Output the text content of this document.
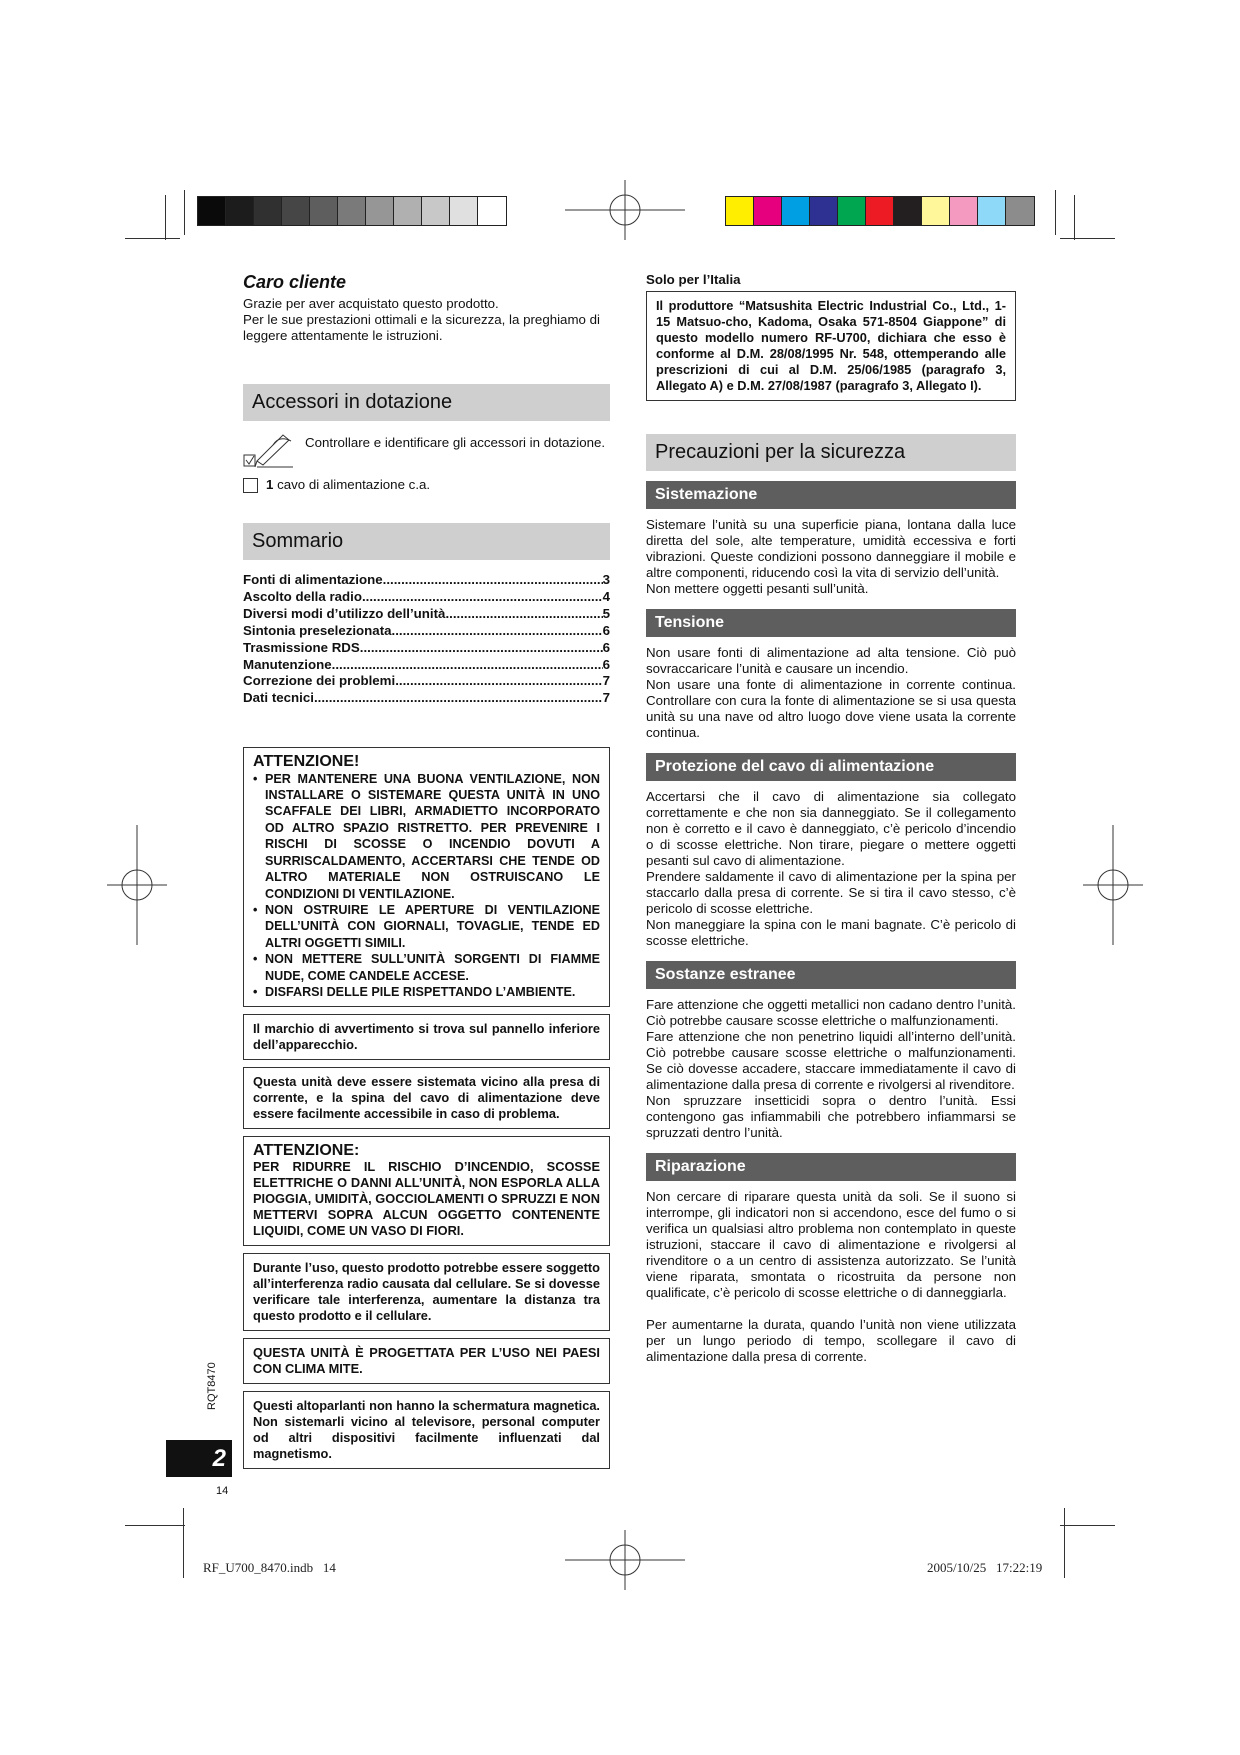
Caro cliente

Grazie per aver acquistato questo prodotto.

Per le sue prestazioni ottimali e la sicurezza, la preghiamo di leggere attentamente le istruzioni.

Accessori in dotazione

Controllare e identificare gli accessori in dotazione.

1 cavo di alimentazione c.a.
Sommario
Fonti di alimentazione .....	3
Ascolto della radio .....	4
Diversi modi d’utilizzo dell’unità .....	5
Sintonia preselezionata .....	6
Trasmissione RDS .....	6
Manutenzione .....	6
Correzione dei problemi .....	7
Dati tecnici .....	7

ATTENZIONE!

• PER MANTENERE UNA BUONA VENTILAZIONE, NON INSTALLARE O SISTEMARE QUESTA UNITÀ IN UNO SCAFFALE DEI LIBRI, ARMADIETTO INCORPORATO OD ALTRO SPAZIO RISTRETTO. PER PREVENIRE I RISCHI DI SCOSSE O INCENDIO DOVUTI A SURRISCALDAMENTO, ACCERTARSI CHE TENDE OD ALTRO MATERIALE NON OSTRUISCANO LE CONDIZIONI DI VENTILAZIONE.
• NON OSTRUIRE LE APERTURE DI VENTILAZIONE DELL’UNITÀ CON GIORNALI, TOVAGLIE, TENDE ED ALTRI OGGETTI SIMILI.
• NON METTERE SULL’UNITÀ SORGENTI DI FIAMME NUDE, COME CANDELE ACCESE.
• DISFARSI DELLE PILE RISPETTANDO L’AMBIENTE.
Il marchio di avvertimento si trova sul pannello inferiore dell’apparecchio.
Questa unità deve essere sistemata vicino alla presa di corrente, e la spina del cavo di alimentazione deve essere facilmente accessibile in caso di problema.

ATTENZIONE:

PER RIDURRE IL RISCHIO D’INCENDIO, SCOSSE ELETTRICHE O DANNI ALL’UNITÀ, NON ESPORLA ALLA PIOGGIA, UMIDITÀ, GOCCIOLAMENTI O SPRUZZI E NON METTERVI SOPRA ALCUN OGGETTO CONTENENTE LIQUIDI, COME UN VASO DI FIORI.
Durante l’uso, questo prodotto potrebbe essere soggetto all’interferenza radio causata dal cellulare. Se si dovesse verificare tale interferenza, aumentare la distanza tra questo prodotto e il cellulare.
QUESTA UNITÀ È PROGETTATA PER L’USO NEI PAESI CON CLIMA MITE.
Questi altoparlanti non hanno la schermatura magnetica. Non sistemarli vicino al televisore, personal computer od altri dispositivi facilmente influenzati dal magnetismo.

Solo per l’Italia

Il produttore “Matsushita Electric Industrial Co., Ltd., 1-15 Matsuo-cho, Kadoma, Osaka 571-8504 Giappone” di questo modello numero RF-U700, dichiara che esso è conforme al D.M. 28/08/1995 Nr. 548, ottemperando alle prescrizioni di cui al D.M. 25/06/1985 (paragrafo 3, Allegato A) e D.M. 27/08/1987 (paragrafo 3, Allegato I).
Precauzioni per la sicurezza
Sistemazione

Sistemare l’unità su una superficie piana, lontana dalla luce diretta del sole, alte temperature, umidità eccessiva e forti vibrazioni. Queste condizioni possono danneggiare il mobile e altre componenti, riducendo così la vita di servizio dell’unità.

Non mettere oggetti pesanti sull’unità.

Tensione

Non usare fonti di alimentazione ad alta tensione. Ciò può sovraccaricare l’unità e causare un incendio.

Non usare una fonte di alimentazione in corrente continua. Controllare con cura la fonte di alimentazione se si usa questa unità su una nave od altro luogo dove viene usata la corrente continua.

Protezione del cavo di alimentazione

Accertarsi che il cavo di alimentazione sia collegato correttamente e che non sia danneggiato. Se il collegamento non è corretto e il cavo è danneggiato, c’è pericolo d’incendio o di scosse elettriche. Non tirare, piegare o mettere oggetti pesanti sul cavo di alimentazione.

Prendere saldamente il cavo di alimentazione per la spina per staccarlo dalla presa di corrente. Se si tira il cavo stesso, c’è pericolo di scosse elettriche.

Non maneggiare la spina con le mani bagnate. C’è pericolo di scosse elettriche.

Sostanze estranee

Fare attenzione che oggetti metallici non cadano dentro l’unità. Ciò potrebbe causare scosse elettriche o malfunzionamenti.

Fare attenzione che non penetrino liquidi all’interno dell’unità. Ciò potrebbe causare scosse elettriche o malfunzionamenti. Se ciò dovesse accadere, staccare immediatamente il cavo di alimentazione dalla presa di corrente e rivolgersi al rivenditore.

Non spruzzare insetticidi sopra o dentro l’unità. Essi contengono gas infiammabili che potrebbero infiammarsi se spruzzati dentro l’unità.

Riparazione

Non cercare di riparare questa unità da soli. Se il suono si interrompe, gli indicatori non si accendono, esce del fumo o si verifica un qualsiasi altro problema non contemplato in queste istruzioni, staccare il cavo di alimentazione e rivolgersi al rivenditore o a un centro di assistenza autorizzato. Se l’unità viene riparata, smontata o ricostruita da persone non qualificate, c’è pericolo di scosse elettriche o di danneggiarla.

Per aumentarne la durata, quando l’unità non viene utilizzata per un lungo periodo di tempo, scollegare il cavo di alimentazione dalla presa di corrente.

RQT8470
2
14
RF_U700_8470.indb   14	2005/10/25   17:22:19
